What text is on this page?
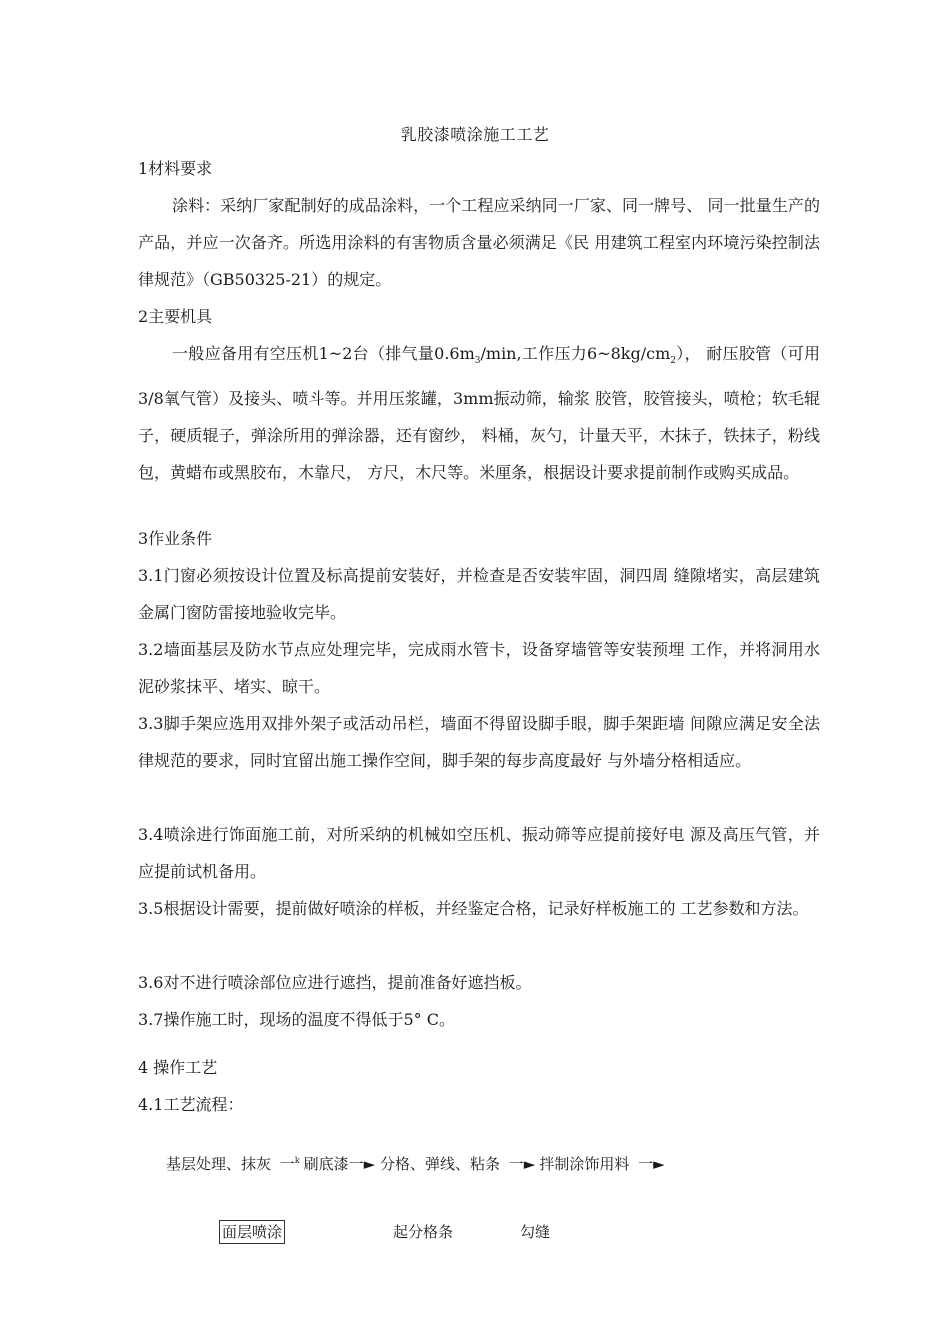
乳胶漆喷涂施工工艺
1材料要求
涂料：采纳厂家配制好的成品涂料，一个工程应采纳同一厂家、同一牌号、 同一批量生产的产品，并应一次备齐。所选用涂料的有害物质含量必须满足《民 用建筑工程室内环境污染控制法律规范》（GB50325-21）的规定。
2主要机具
一般应备用有空压机1~2台（排气量$0.6m_3/\min$,工作压力$6\sim 8kg/cm_2$）， 耐压胶管（可用3/8氧气管）及接头、喷斗等。并用压浆罐，3mm振动筛，输浆 胶管，胶管接头，喷枪；软毛辊子，硬质辊子，弹涂所用的弹涂器，还有窗纱， 料桶，灰勺，计量天平，木抹子，铁抹子，粉线包，黄蜡布或黑胶布，木靠尺， 方尺，木尺等。米厘条，根据设计要求提前制作或购买成品。
3作业条件
3.1门窗必须按设计位置及标高提前安装好，并检查是否安装牢固，洞四周 缝隙堵实，高层建筑金属门窗防雷接地验收完毕。
3.2墙面基层及防水节点应处理完毕，完成雨水管卡，设备穿墙管等安装预埋 工作，并将洞用水泥砂浆抹平、堵实、晾干。
3.3脚手架应选用双排外架子或活动吊栏，墙面不得留设脚手眼，脚手架距墙 间隙应满足安全法律规范的要求，同时宜留出施工操作空间，脚手架的每步高度最好 与外墙分格相适应。
3.4喷涂进行饰面施工前，对所采纳的机械如空压机、振动筛等应提前接好电 源及高压气管，并应提前试机备用。
3.5根据设计需要，提前做好喷涂的样板，并经鉴定合格，记录好样板施工的 工艺参数和方法。
3.6对不进行喷涂部位应进行遮挡，提前准备好遮挡板。
3.7操作施工时，现场的温度不得低于5° C。
4 操作工艺
4.1工艺流程：
基层处理、抹灰 一k 刷底漆一► 分格、弹线、粘条 一► 拌制涂饰用料 一►
面层喷涂	起分格条	勾缝
